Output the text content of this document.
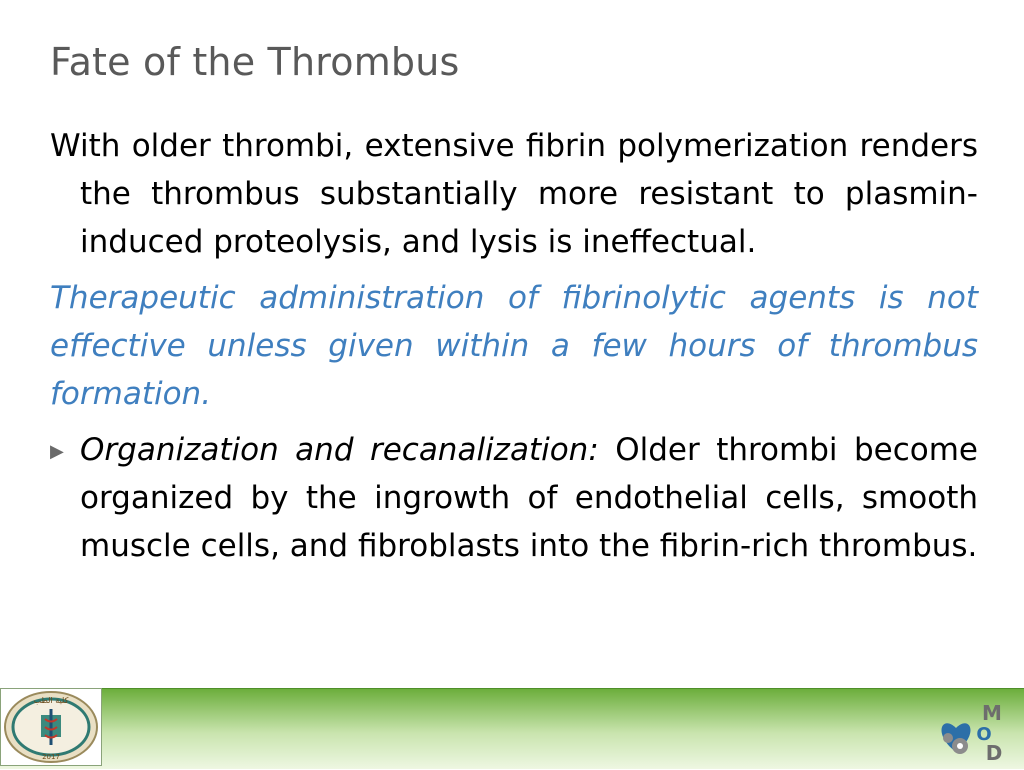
Fate of the Thrombus
With older thrombi, extensive fibrin polymerization renders the thrombus substantially more resistant to plasmin-induced proteolysis, and lysis is ineffectual.
Therapeutic administration of fibrinolytic agents is not effective unless given within a few hours of thrombus formation.
▶ Organization and recanalization: Older thrombi become organized by the ingrowth of endothelial cells, smooth muscle cells, and fibroblasts into the fibrin-rich thrombus.
كلية الطب
2017
M
O
D
